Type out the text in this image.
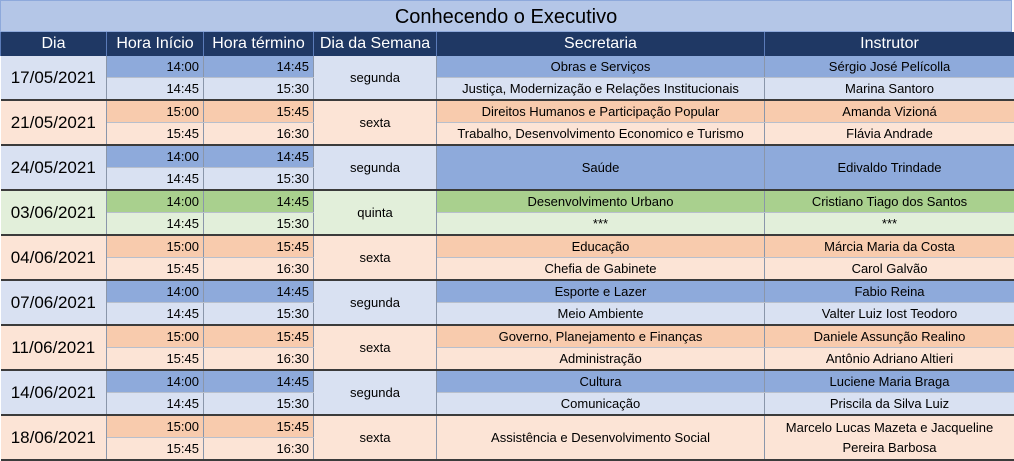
Conhecendo o Executivo
Dia	Hora Início	Hora término	Dia da Semana	Secretaria	Instrutor
17/05/2021	14:00	14:45	segunda	Obras e Serviços	Sérgio José Pelícolla
	14:45	15:30		Justiça, Modernização e Relações Institucionais	Marina Santoro
21/05/2021	15:00	15:45	sexta	Direitos Humanos e Participação Popular	Amanda Vizioná
	15:45	16:30		Trabalho, Desenvolvimento Economico e Turismo	Flávia Andrade
24/05/2021	14:00	14:45	segunda	Saúde	Edivaldo Trindade
	14:45	15:30			
03/06/2021	14:00	14:45	quinta	Desenvolvimento Urbano	Cristiano Tiago dos Santos
	14:45	15:30		***	***
04/06/2021	15:00	15:45	sexta	Educação	Márcia Maria da Costa
	15:45	16:30		Chefia de Gabinete	Carol Galvão
07/06/2021	14:00	14:45	segunda	Esporte e Lazer	Fabio Reina
	14:45	15:30		Meio Ambiente	Valter Luiz Iost Teodoro
11/06/2021	15:00	15:45	sexta	Governo, Planejamento e Finanças	Daniele Assunção Realino
	15:45	16:30		Administração	Antônio Adriano Altieri
14/06/2021	14:00	14:45	segunda	Cultura	Luciene Maria Braga
	14:45	15:30		Comunicação	Priscila da Silva Luiz
18/06/2021	15:00	15:45	sexta	Assistência e Desenvolvimento Social	Marcelo Lucas Mazeta e Jacqueline Pereira Barbosa
	15:45	16:30			
